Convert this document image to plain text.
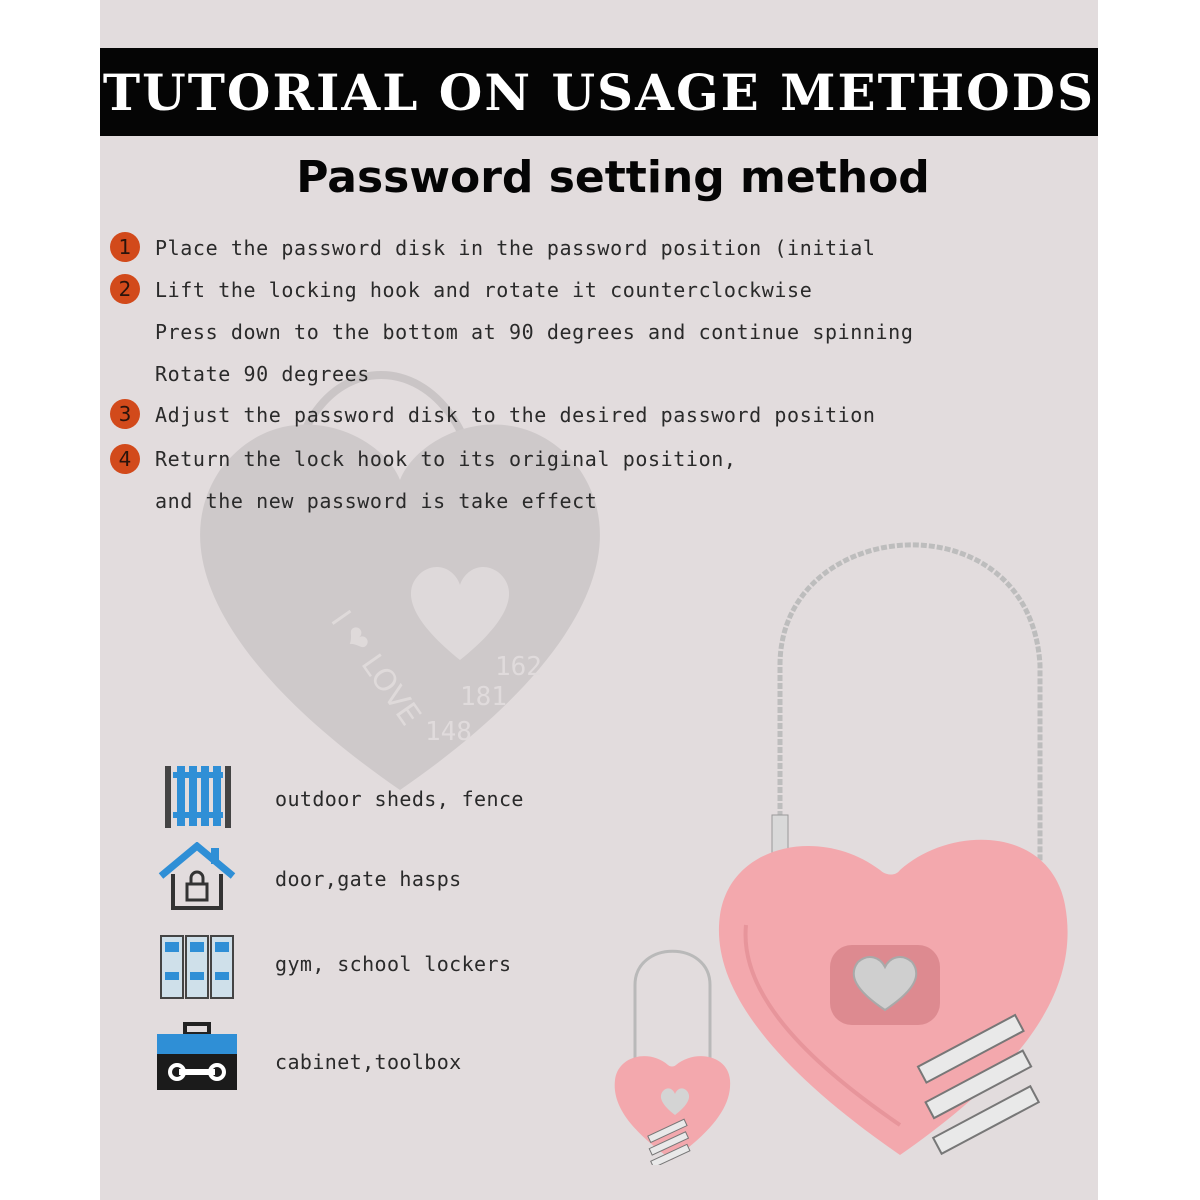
I ❤ LOVE	162
181
148
TUTORIAL ON USAGE METHODS
Password setting method
1	Place the password disk in the password position (initial
2	Lift the locking hook and rotate it counterclockwise
Press down to the bottom at 90 degrees and continue spinning
Rotate 90 degrees
3	Adjust the password disk to the desired password position
4	Return the lock hook to its original position,
and the new password is take effect
outdoor sheds, fence
door,gate hasps
gym, school lockers
cabinet,toolbox
